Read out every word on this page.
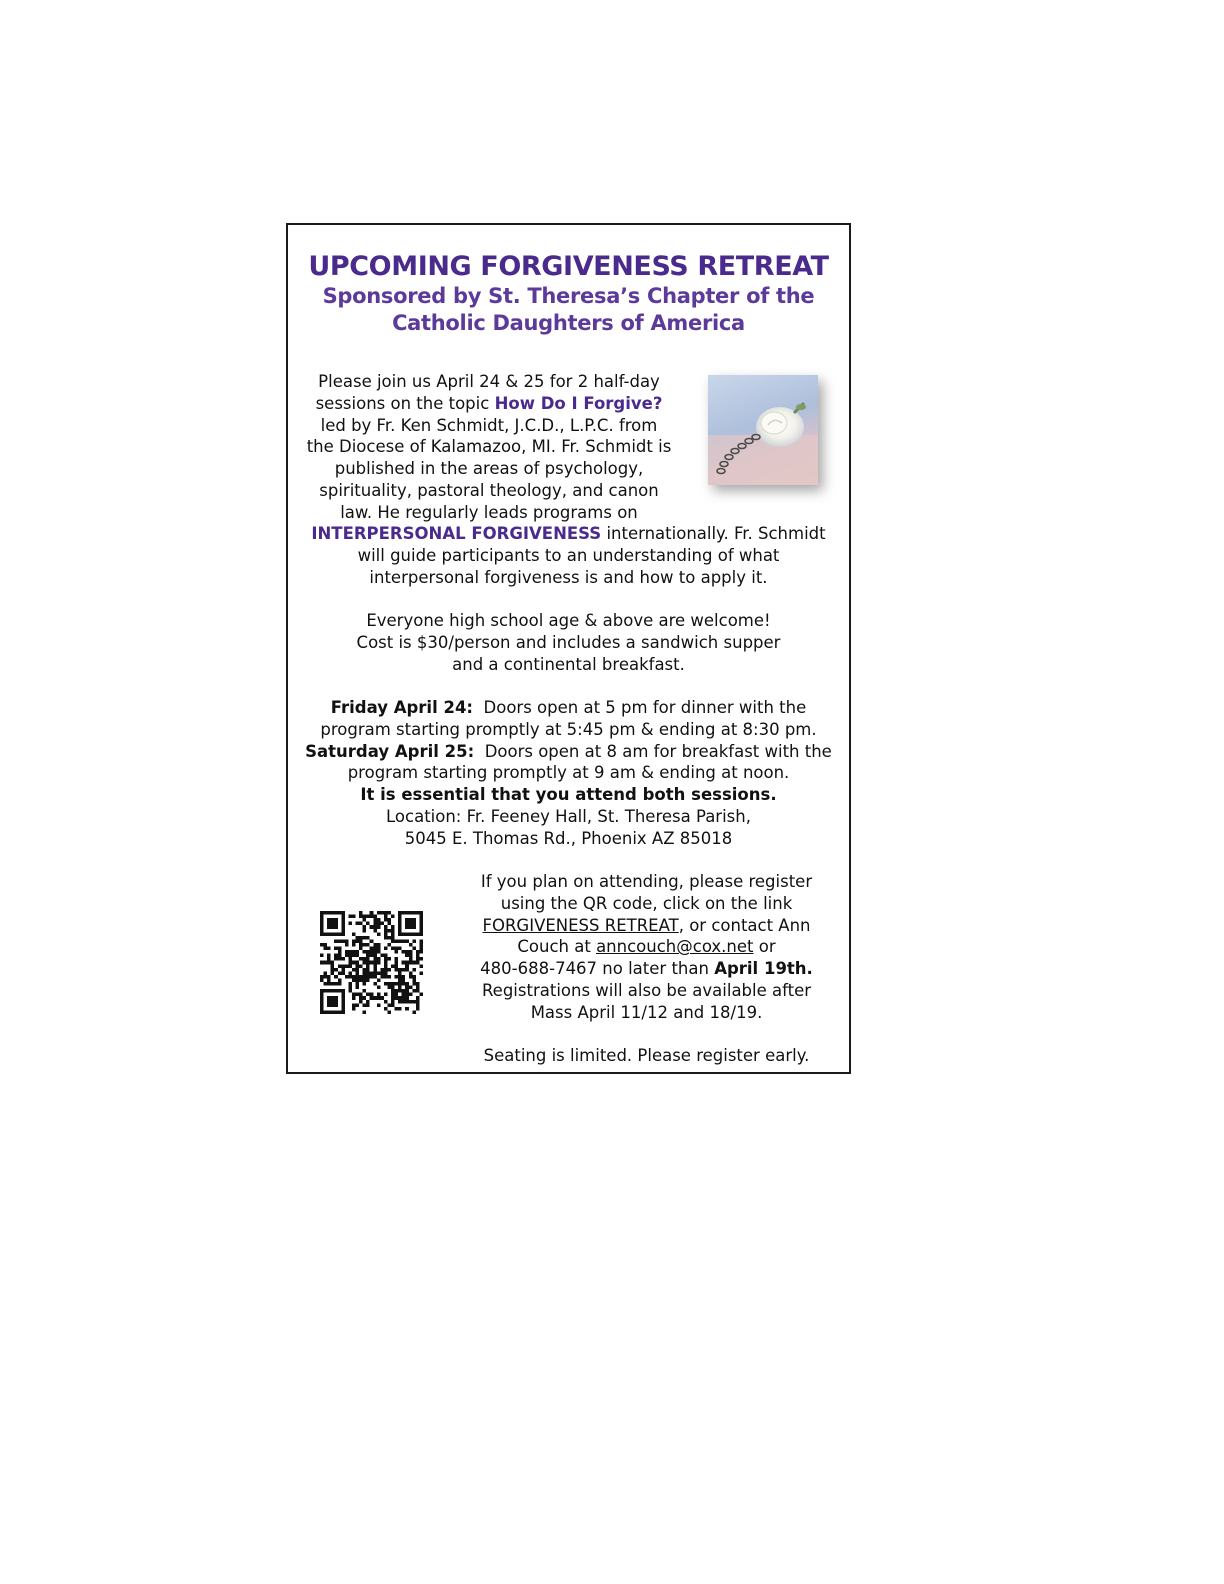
UPCOMING FORGIVENESS RETREAT
Sponsored by St. Theresa’s Chapter of the
Catholic Daughters of America
Please join us April 24 & 25 for 2 half-day
sessions on the topic How Do I Forgive?
led by Fr. Ken Schmidt, J.C.D., L.P.C. from
the Diocese of Kalamazoo, MI. Fr. Schmidt is
published in the areas of psychology,
spirituality, pastoral theology, and canon
law. He regularly leads programs on
INTERPERSONAL FORGIVENESS internationally. Fr. Schmidt
will guide participants to an understanding of what
interpersonal forgiveness is and how to apply it.
Everyone high school age & above are welcome!
Cost is $30/person and includes a sandwich supper
and a continental breakfast.
Friday April 24:  Doors open at 5 pm for dinner with the
program starting promptly at 5:45 pm & ending at 8:30 pm.
Saturday April 25:  Doors open at 8 am for breakfast with the
program starting promptly at 9 am & ending at noon.
It is essential that you attend both sessions.
Location: Fr. Feeney Hall, St. Theresa Parish,
5045 E. Thomas Rd., Phoenix AZ 85018
If you plan on attending, please register
using the QR code, click on the link
FORGIVENESS RETREAT, or contact Ann
Couch at anncouch@cox.net or
480-688-7467 no later than April 19th.
Registrations will also be available after
Mass April 11/12 and 18/19.
Seating is limited. Please register early.
